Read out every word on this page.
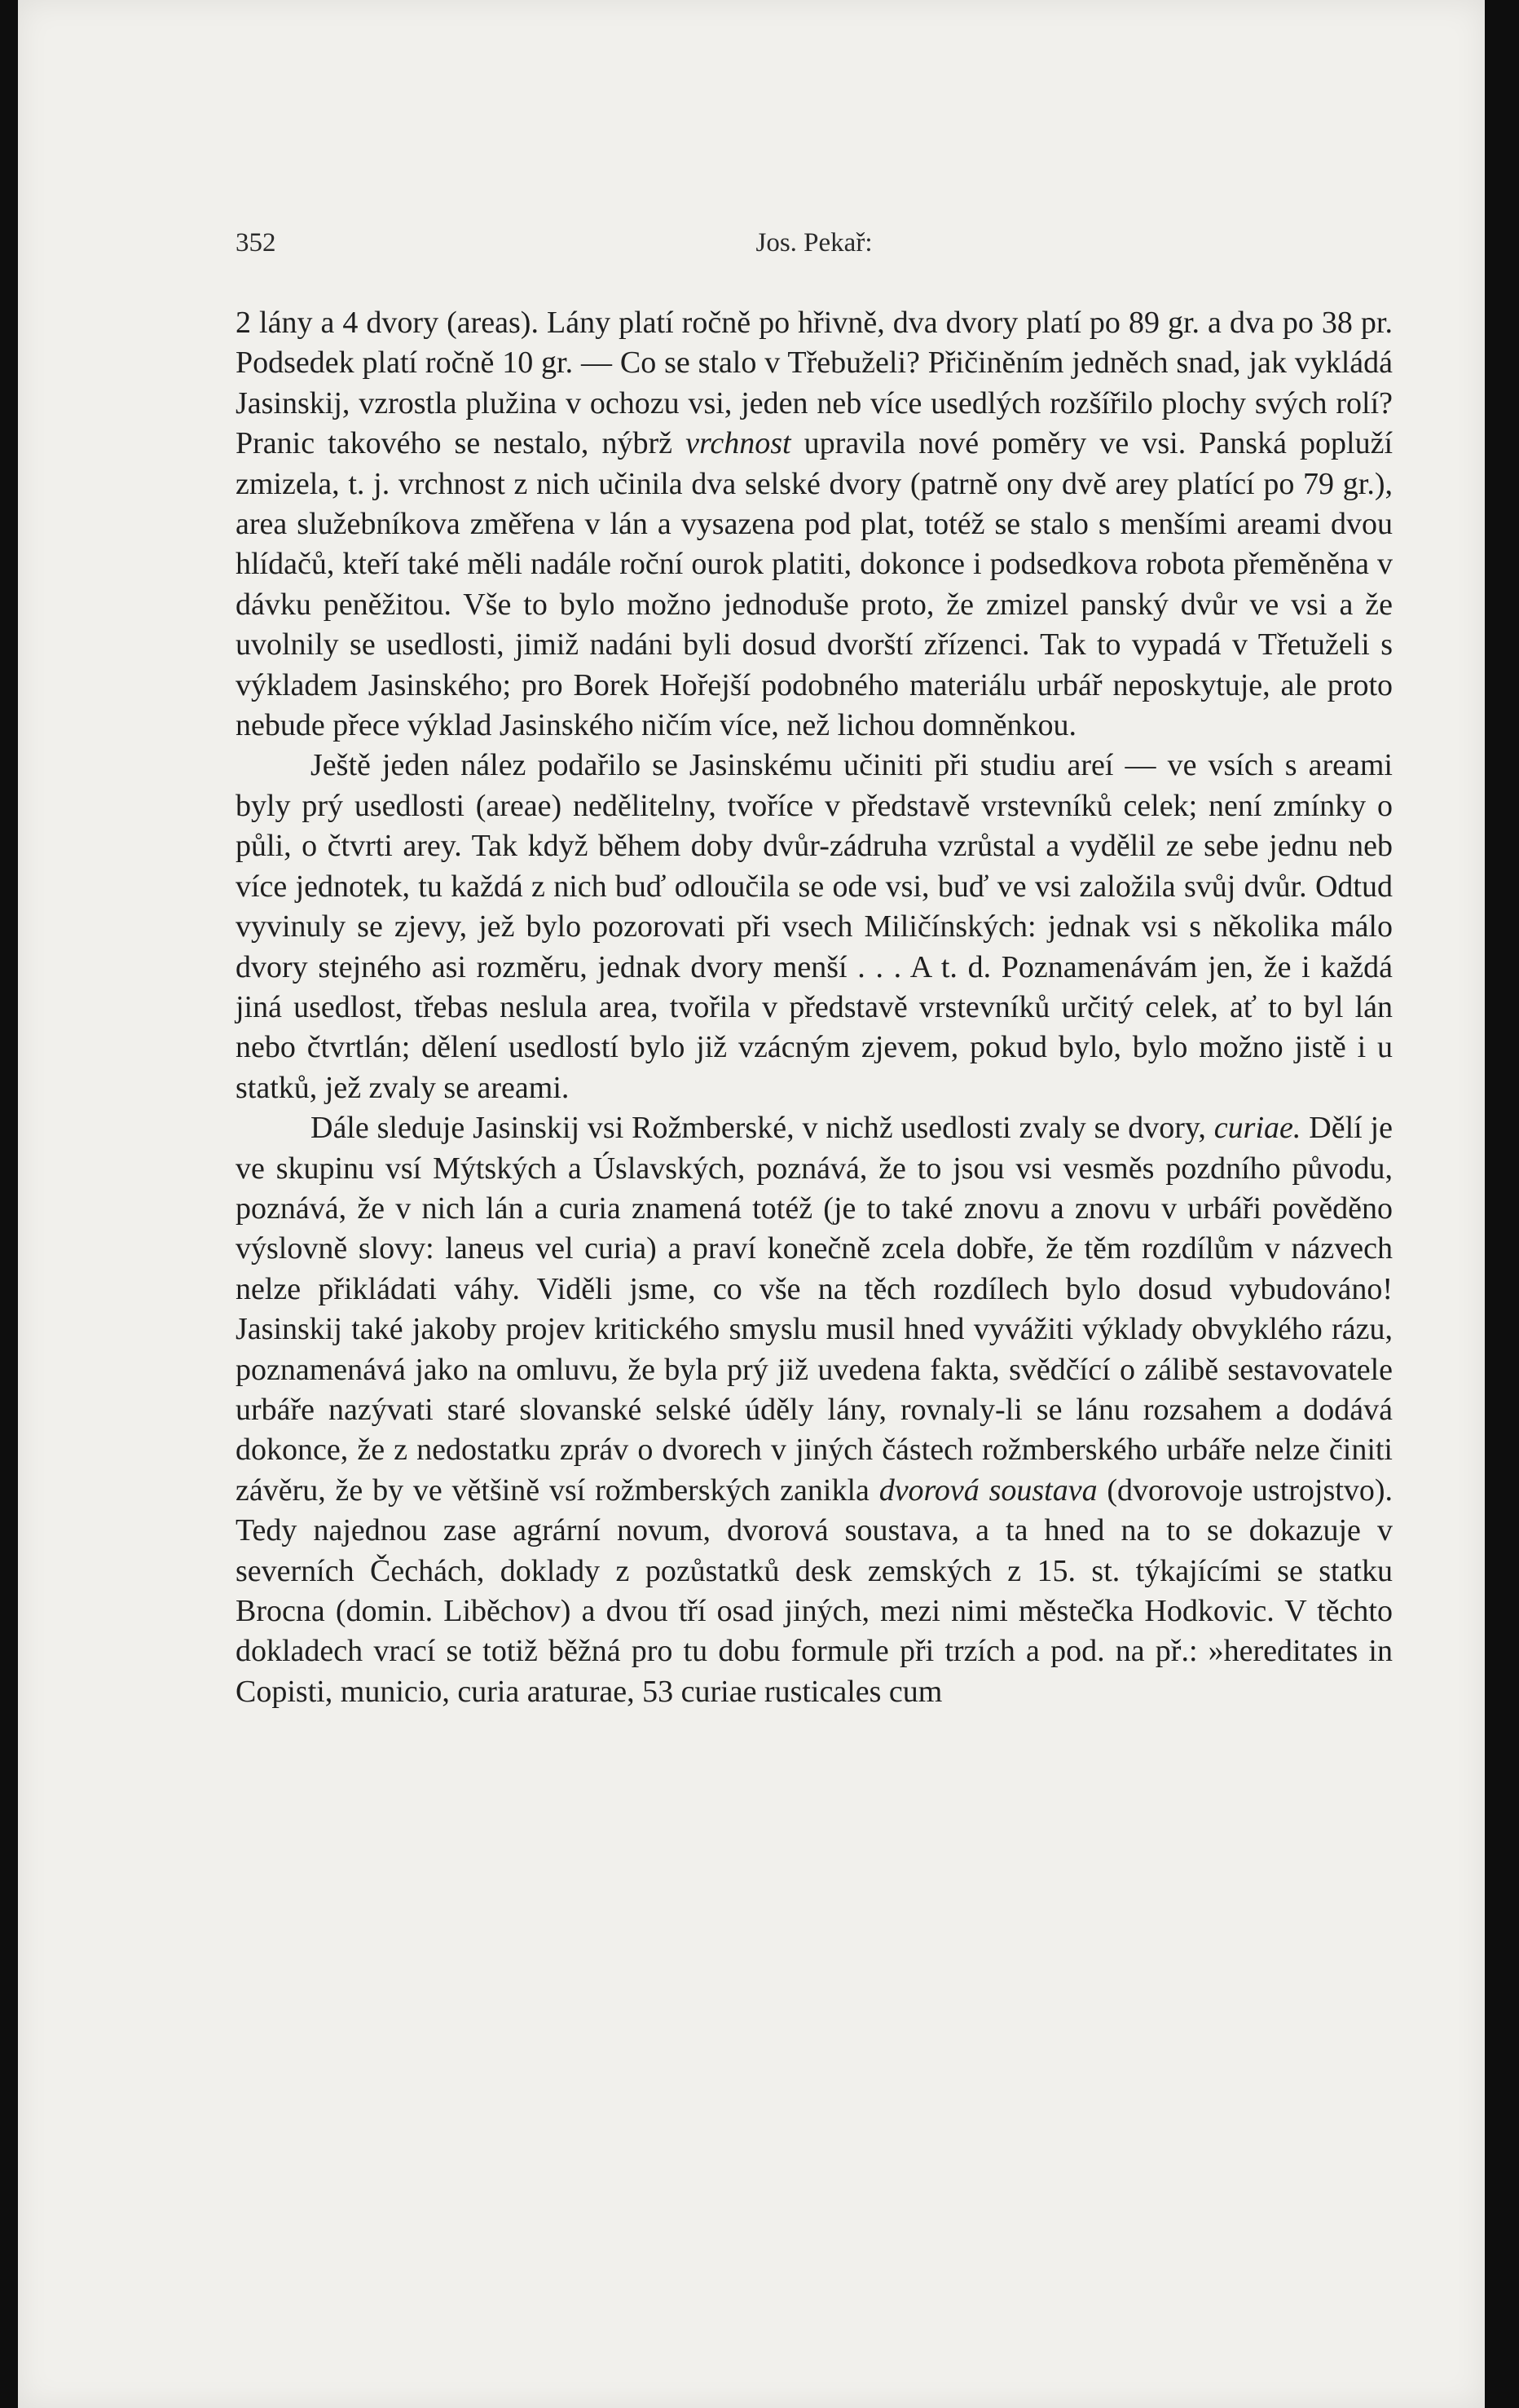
352	Jos. Pekař:

2 lány a 4 dvory (areas). Lány platí ročně po hřivně, dva dvory platí po 89 gr. a dva po 38 pr. Podsedek platí ročně 10 gr. — Co se stalo v Třebuželi? Přičiněním jedněch snad, jak vykládá Jasinskij, vzrostla plužina v ochozu vsi, jeden neb více usedlých rozšířilo plochy svých rolí? Pranic takového se nestalo, nýbrž vrchnost upravila nové poměry ve vsi. Panská popluží zmizela, t. j. vrchnost z nich učinila dva selské dvory (patrně ony dvě arey platící po 79 gr.), area služebníkova změřena v lán a vysazena pod plat, totéž se stalo s menšími areami dvou hlídačů, kteří také měli nadále roční ourok platiti, dokonce i podsedkova robota přeměněna v dávku peněžitou. Vše to bylo možno jednoduše proto, že zmizel panský dvůr ve vsi a že uvolnily se usedlosti, jimiž nadáni byli dosud dvorští zřízenci. Tak to vypadá v Třetuželi s výkladem Jasinského; pro Borek Hořejší podobného materiálu urbář neposkytuje, ale proto nebude přece výklad Jasinského ničím více, než lichou domněnkou.

Ještě jeden nález podařilo se Jasinskému učiniti při studiu areí — ve vsích s areami byly prý usedlosti (areae) nedělitelny, tvoříce v představě vrstevníků celek; není zmínky o půli, o čtvrti arey. Tak když během doby dvůr-zádruha vzrůstal a vydělil ze sebe jednu neb více jednotek, tu každá z nich buď odloučila se ode vsi, buď ve vsi založila svůj dvůr. Odtud vyvinuly se zjevy, jež bylo pozorovati při vsech Miličínských: jednak vsi s několika málo dvory stejného asi rozměru, jednak dvory menší . . . A t. d. Poznamenávám jen, že i každá jiná usedlost, třebas neslula area, tvořila v představě vrstevníků určitý celek, ať to byl lán nebo čtvrtlán; dělení usedlostí bylo již vzácným zjevem, pokud bylo, bylo možno jistě i u statků, jež zvaly se areami.

Dále sleduje Jasinskij vsi Rožmberské, v nichž usedlosti zvaly se dvory, curiae. Dělí je ve skupinu vsí Mýtských a Úslavských, poznává, že to jsou vsi vesměs pozdního původu, poznává, že v nich lán a curia znamená totéž (je to také znovu a znovu v urbáři pověděno výslovně slovy: laneus vel curia) a praví konečně zcela dobře, že těm rozdílům v názvech nelze přikládati váhy. Viděli jsme, co vše na těch rozdílech bylo dosud vybudováno! Jasinskij také jakoby projev kritického smyslu musil hned vyvážiti výklady obvyklého rázu, poznamenává jako na omluvu, že byla prý již uvedena fakta, svědčící o zálibě sestavovatele urbáře nazývati staré slovanské selské úděly lány, rovnaly-li se lánu rozsahem a dodává dokonce, že z nedostatku zpráv o dvorech v jiných částech rožmberského urbáře nelze činiti závěru, že by ve většině vsí rožmberských zanikla dvorová soustava (dvorovoje ustrojstvo). Tedy najednou zase agrární novum, dvorová soustava, a ta hned na to se dokazuje v severních Čechách, doklady z pozůstatků desk zemských z 15. st. týkajícími se statku Brocna (domin. Liběchov) a dvou tří osad jiných, mezi nimi městečka Hodkovic. V těchto dokladech vrací se totiž běžná pro tu dobu formule při trzích a pod. na př.: »hereditates in Copisti, municio, curia araturae, 53 curiae rusticales cum
